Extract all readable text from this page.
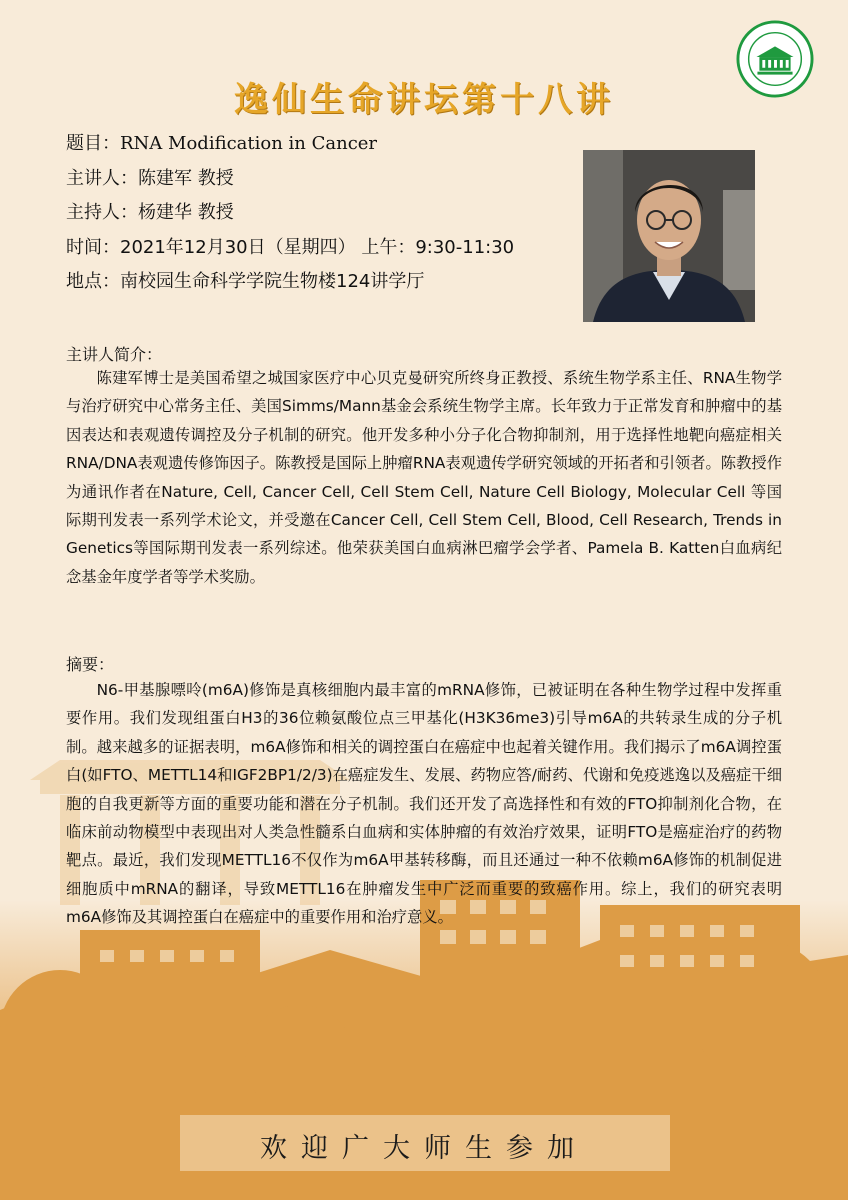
逸仙生命讲坛第十八讲
题目：RNA Modification in Cancer
主讲人：陈建军 教授
主持人：杨建华 教授
时间：2021年12月30日（星期四） 上午：9:30-11:30
地点：南校园生命科学学院生物楼124讲学厅
主讲人简介：

陈建军博士是美国希望之城国家医疗中心贝克曼研究所终身正教授、系统生物学系主任、RNA生物学与治疗研究中心常务主任、美国Simms/Mann基金会系统生物学主席。长年致力于正常发育和肿瘤中的基因表达和表观遗传调控及分子机制的研究。他开发多种小分子化合物抑制剂，用于选择性地靶向癌症相关RNA/DNA表观遗传修饰因子。陈教授是国际上肿瘤RNA表观遗传学研究领域的开拓者和引领者。陈教授作为通讯作者在Nature, Cell, Cancer Cell, Cell Stem Cell, Nature Cell Biology, Molecular Cell 等国际期刊发表一系列学术论文，并受邀在Cancer Cell, Cell Stem Cell, Blood, Cell Research, Trends in Genetics等国际期刊发表一系列综述。他荣获美国白血病淋巴瘤学会学者、Pamela B. Katten白血病纪念基金年度学者等学术奖励。

摘要：

N6-甲基腺嘌呤(m6A)修饰是真核细胞内最丰富的mRNA修饰，已被证明在各种生物学过程中发挥重要作用。我们发现组蛋白H3的36位赖氨酸位点三甲基化(H3K36me3)引导m6A的共转录生成的分子机制。越来越多的证据表明，m6A修饰和相关的调控蛋白在癌症中也起着关键作用。我们揭示了m6A调控蛋白(如FTO、METTL14和IGF2BP1/2/3)在癌症发生、发展、药物应答/耐药、代谢和免疫逃逸以及癌症干细胞的自我更新等方面的重要功能和潜在分子机制。我们还开发了高选择性和有效的FTO抑制剂化合物，在临床前动物模型中表现出对人类急性髓系白血病和实体肿瘤的有效治疗效果，证明FTO是癌症治疗的药物靶点。最近，我们发现METTL16不仅作为m6A甲基转移酶，而且还通过一种不依赖m6A修饰的机制促进细胞质中mRNA的翻译，导致METTL16在肿瘤发生中广泛而重要的致癌作用。综上，我们的研究表明m6A修饰及其调控蛋白在癌症中的重要作用和治疗意义。

欢迎广大师生参加
